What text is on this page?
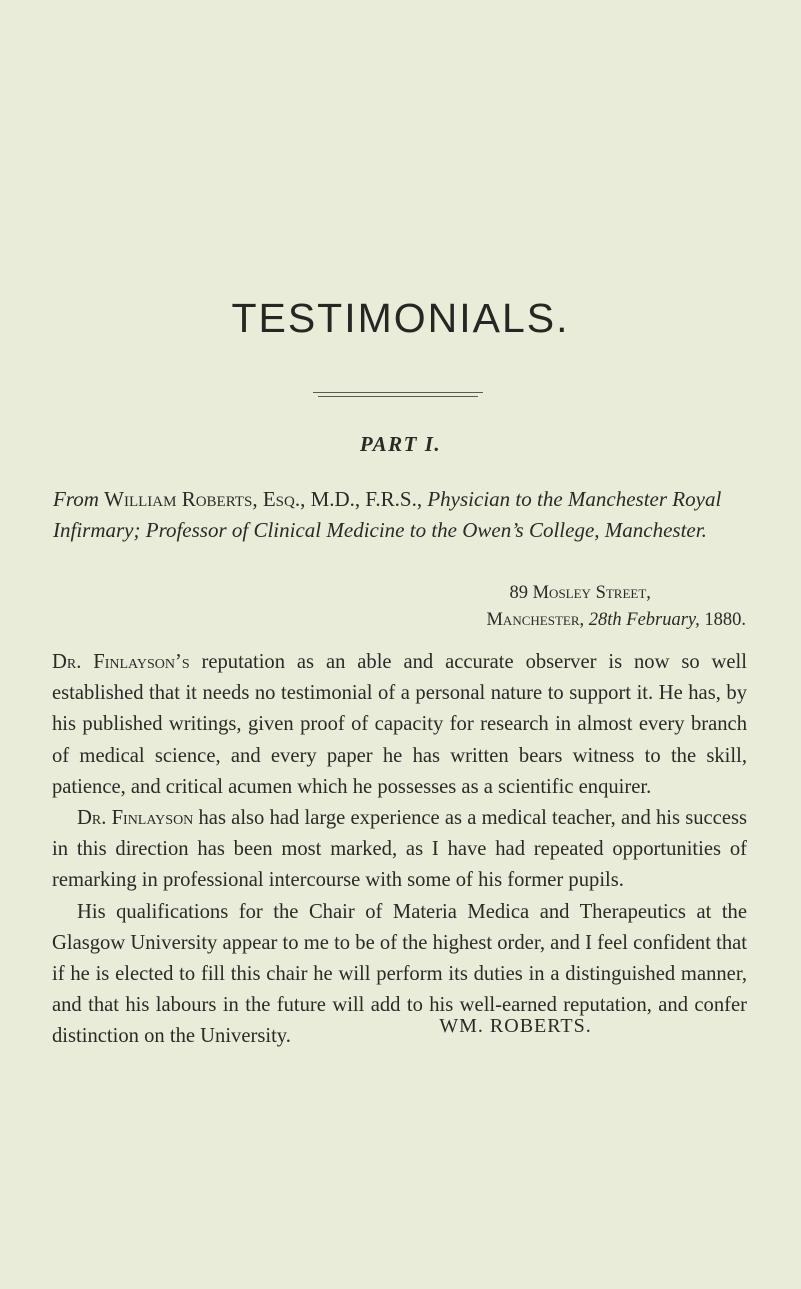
TESTIMONIALS.
PART I.

From William Roberts, Esq., M.D., F.R.S., Physician to the Manchester Royal Infirmary; Professor of Clinical Medicine to the Owen’s College, Manchester.

89 Mosley Street,
Manchester, 28th February, 1880.

Dr. Finlayson’s reputation as an able and accurate observer is now so well established that it needs no testimonial of a personal nature to support it. He has, by his published writings, given proof of capacity for research in almost every branch of medical science, and every paper he has written bears witness to the skill, patience, and critical acumen which he possesses as a scientific enquirer.

Dr. Finlayson has also had large experience as a medical teacher, and his success in this direction has been most marked, as I have had repeated opportunities of remarking in professional intercourse with some of his former pupils.

His qualifications for the Chair of Materia Medica and Therapeutics at the Glasgow University appear to me to be of the highest order, and I feel confident that if he is elected to fill this chair he will perform its duties in a distinguished manner, and that his labours in the future will add to his well-earned reputation, and confer distinction on the University.	WM. ROBERTS.
